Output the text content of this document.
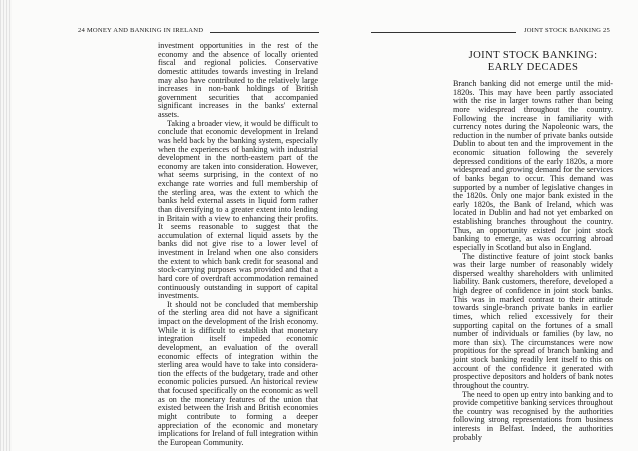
24 MONEY AND BANKING IN IRELAND

investment opportunities in the rest of the economy and the absence of locally oriented fiscal and regional policies. Conservative domestic attitudes towards investing in Ireland may also have contributed to the relatively large increases in non-bank holdings of British government securities that accompanied significant increases in the banks' external assets.

Taking a broader view, it would be difficult to conclude that economic development in Ireland was held back by the banking system, especially when the experiences of banking with industrial development in the north-eastern part of the economy are taken into consideration. However, what seems surprising, in the context of no exchange rate worries and full membership of the sterling area, was the extent to which the banks held external assets in liquid form rather than diversifying to a greater extent into lending in Britain with a view to enhancing their profits. It seems reasonable to suggest that the accumulation of external liquid assets by the banks did not give rise to a lower level of investment in Ireland when one also considers the extent to which bank credit for seasonal and stock-carrying purposes was provided and that a hard core of overdraft accommodation remained continuously outstanding in support of capital investments.

It should not be concluded that membership of the sterling area did not have a significant impact on the development of the Irish economy. While it is difficult to establish that monetary integration itself impeded economic development, an evaluation of the overall economic effects of integration within the sterling area would have to take into considera-tion the effects of the budgetary, trade and other economic policies pursued. An historical review that focused specifically on the economic as well as on the monetary features of the union that existed between the Irish and British economies might contribute to forming a deeper appreciation of the economic and monetary implications for Ireland of full integration within the European Community.

JOINT STOCK BANKING 25
JOINT STOCK BANKING:
EARLY DECADES

Branch banking did not emerge until the mid-1820s. This may have been partly associated with the rise in larger towns rather than being more widespread throughout the country. Following the increase in familiarity with currency notes during the Napoleonic wars, the reduction in the number of private banks outside Dublin to about ten and the improvement in the economic situation following the severely depressed conditions of the early 1820s, a more widespread and growing demand for the services of banks began to occur. This demand was supported by a number of legislative changes in the 1820s. Only one major bank existed in the early 1820s, the Bank of Ireland, which was located in Dublin and had not yet embarked on establishing branches throughout the country. Thus, an opportunity existed for joint stock banking to emerge, as was occurring abroad especially in Scotland but also in England.

The distinctive feature of joint stock banks was their large number of reasonably widely dispersed wealthy shareholders with unlimited liability. Bank customers, therefore, developed a high degree of confidence in joint stock banks. This was in marked contrast to their attitude towards single-branch private banks in earlier times, which relied excessively for their supporting capital on the fortunes of a small number of individuals or families (by law, no more than six). The circumstances were now propitious for the spread of branch banking and joint stock banking readily lent itself to this on account of the confidence it generated with prospective depositors and holders of bank notes throughout the country.

The need to open up entry into banking and to provide competitive banking services throughout the country was recognised by the authorities following strong representations from business interests in Belfast. Indeed, the authorities probably
